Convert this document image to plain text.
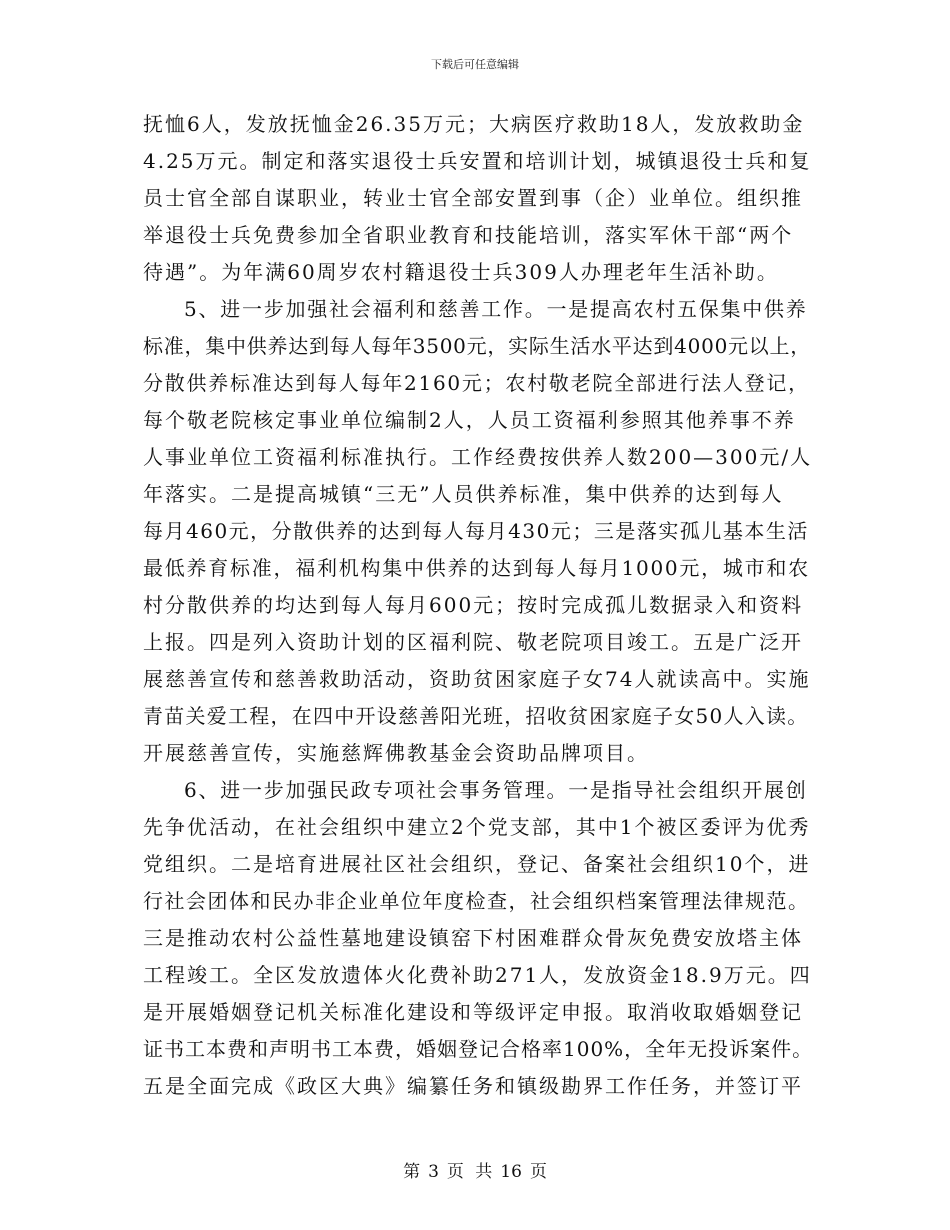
下载后可任意编辑

抚恤6人，发放抚恤金26.35万元；大病医疗救助18人，发放救助金
4.25万元。制定和落实退役士兵安置和培训计划，城镇退役士兵和复
员士官全部自谋职业，转业士官全部安置到事（企）业单位。组织推
举退役士兵免费参加全省职业教育和技能培训，落实军休干部“两个
待遇”。为年满60周岁农村籍退役士兵309人办理老年生活补助。

5、进一步加强社会福利和慈善工作。一是提高农村五保集中供养
标准，集中供养达到每人每年3500元，实际生活水平达到4000元以上，
分散供养标准达到每人每年2160元；农村敬老院全部进行法人登记，
每个敬老院核定事业单位编制2人，人员工资福利参照其他养事不养
人事业单位工资福利标准执行。工作经费按供养人数200—300元/人
年落实。二是提高城镇“三无”人员供养标准，集中供养的达到每人
每月460元，分散供养的达到每人每月430元；三是落实孤儿基本生活
最低养育标准，福利机构集中供养的达到每人每月1000元，城市和农
村分散供养的均达到每人每月600元；按时完成孤儿数据录入和资料
上报。四是列入资助计划的区福利院、敬老院项目竣工。五是广泛开
展慈善宣传和慈善救助活动，资助贫困家庭子女74人就读高中。实施
青苗关爱工程，在四中开设慈善阳光班，招收贫困家庭子女50人入读。
开展慈善宣传，实施慈辉佛教基金会资助品牌项目。

6、进一步加强民政专项社会事务管理。一是指导社会组织开展创
先争优活动，在社会组织中建立2个党支部，其中1个被区委评为优秀
党组织。二是培育进展社区社会组织，登记、备案社会组织10个，进
行社会团体和民办非企业单位年度检查，社会组织档案管理法律规范。
三是推动农村公益性墓地建设镇窑下村困难群众骨灰免费安放塔主体
工程竣工。全区发放遗体火化费补助271人，发放资金18.9万元。四
是开展婚姻登记机关标准化建设和等级评定申报。取消收取婚姻登记
证书工本费和声明书工本费，婚姻登记合格率100%，全年无投诉案件。
五是全面完成《政区大典》编纂任务和镇级勘界工作任务，并签订平

第 3 页 共 16 页
